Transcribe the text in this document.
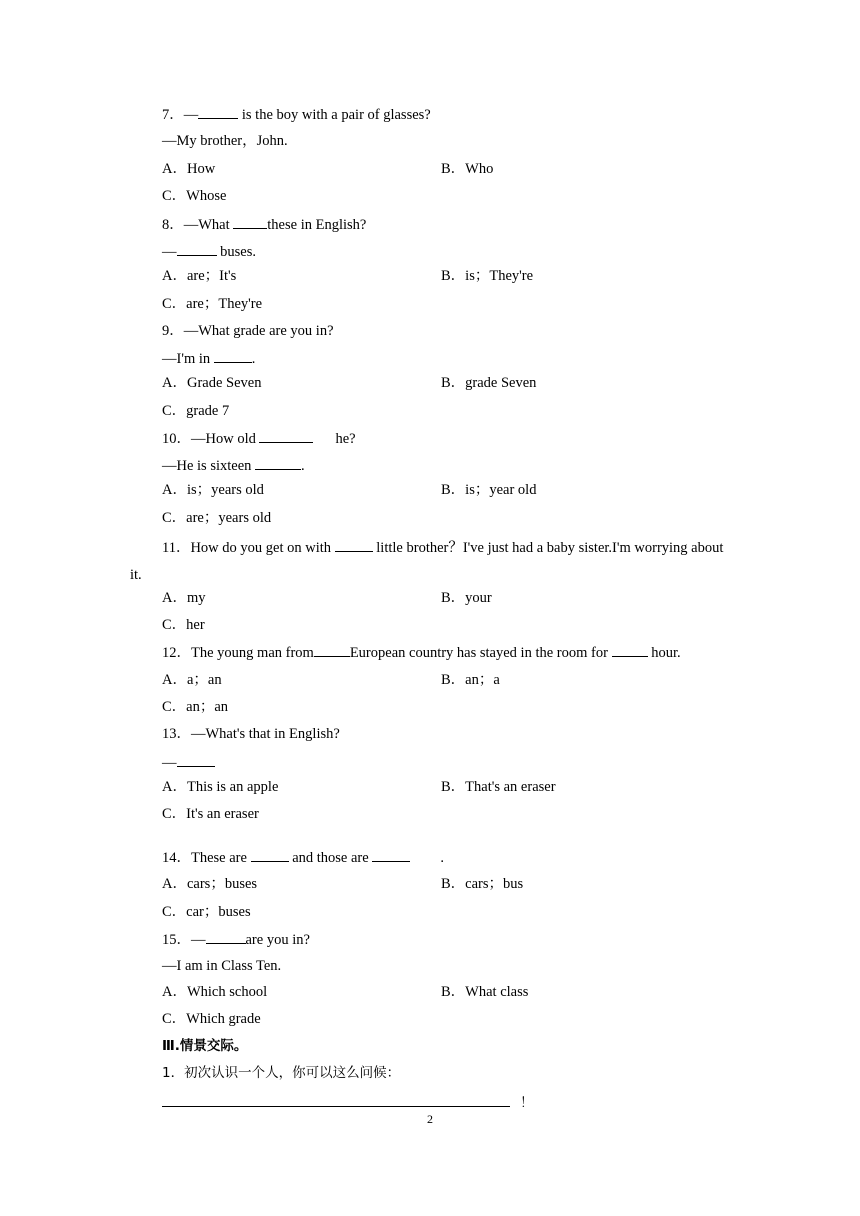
7．—	is the boy with a pair of glasses?
—My brother，John.
A．How	B．Who
C．Whose
8．—What these in English?
—	buses.
A．are；It's	B．is；They're
C．are；They're
9．—What grade are you in?
—I'm in	.
A．Grade Seven	B．grade Seven
C．grade 7
10．—How old	he?
—He is sixteen	.
A．is；years old	B．is；year old
C．are；years old
11．How do you get on with	little brother？I've just had a baby sister.I'm worrying about it.
A．my	B．your
C．her
12．The young man from European country has stayed in the room for  hour.
A．a；an	B．an；a
C．an；an
13．—What's that in English?
—
A．This is an apple	B．That's an eraser
C．It's an eraser
14．These are	and those are	.
A．cars；buses	B．cars；bus
C．car；buses
15．—	are you in?
—I am in Class Ten.
A．Which school	B．What class
C．Which grade
Ⅲ.情景交际。
1．初次认识一个人，你可以这么问候：
！
2
